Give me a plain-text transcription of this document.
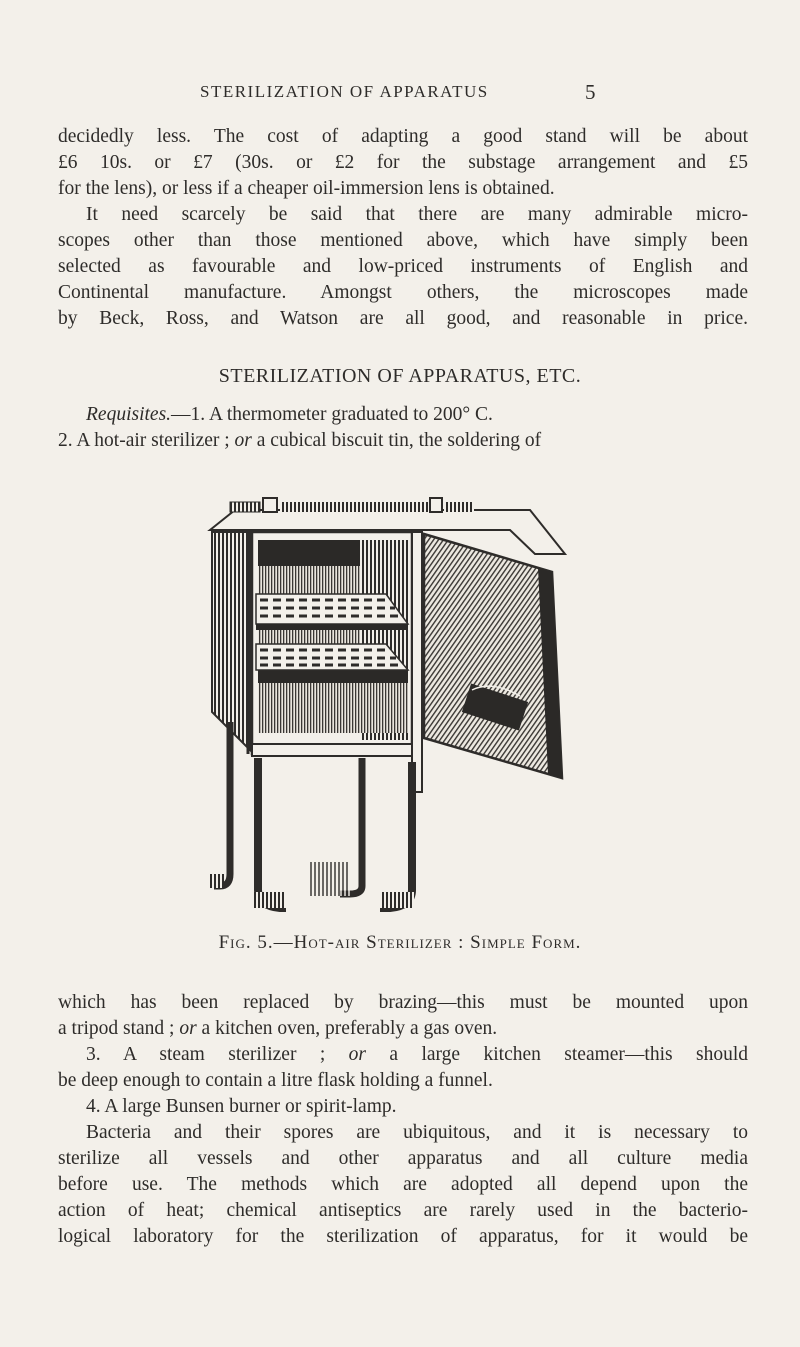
STERILIZATION OF APPARATUS	5
decidedly less. The cost of adapting a good stand will be about
£6 10s. or £7 (30s. or £2 for the substage arrangement and £5
for the lens), or less if a cheaper oil-immersion lens is obtained.
It need scarcely be said that there are many admirable micro-
scopes other than those mentioned above, which have simply been
selected as favourable and low-priced instruments of English and
Continental manufacture. Amongst others, the microscopes made
by Beck, Ross, and Watson are all good, and reasonable in price.
STERILIZATION OF APPARATUS, ETC.
Requisites.—1. A thermometer graduated to 200° C.
2. A hot-air sterilizer ; or a cubical biscuit tin, the soldering of
Fig. 5.—Hot-air Sterilizer : Simple Form.
which has been replaced by brazing—this must be mounted upon
a tripod stand ; or a kitchen oven, preferably a gas oven.
3. A steam sterilizer ; or a large kitchen steamer—this should
be deep enough to contain a litre flask holding a funnel.
4. A large Bunsen burner or spirit-lamp.
Bacteria and their spores are ubiquitous, and it is necessary to
sterilize all vessels and other apparatus and all culture media
before use. The methods which are adopted all depend upon the
action of heat; chemical antiseptics are rarely used in the bacterio-
logical laboratory for the sterilization of apparatus, for it would be
